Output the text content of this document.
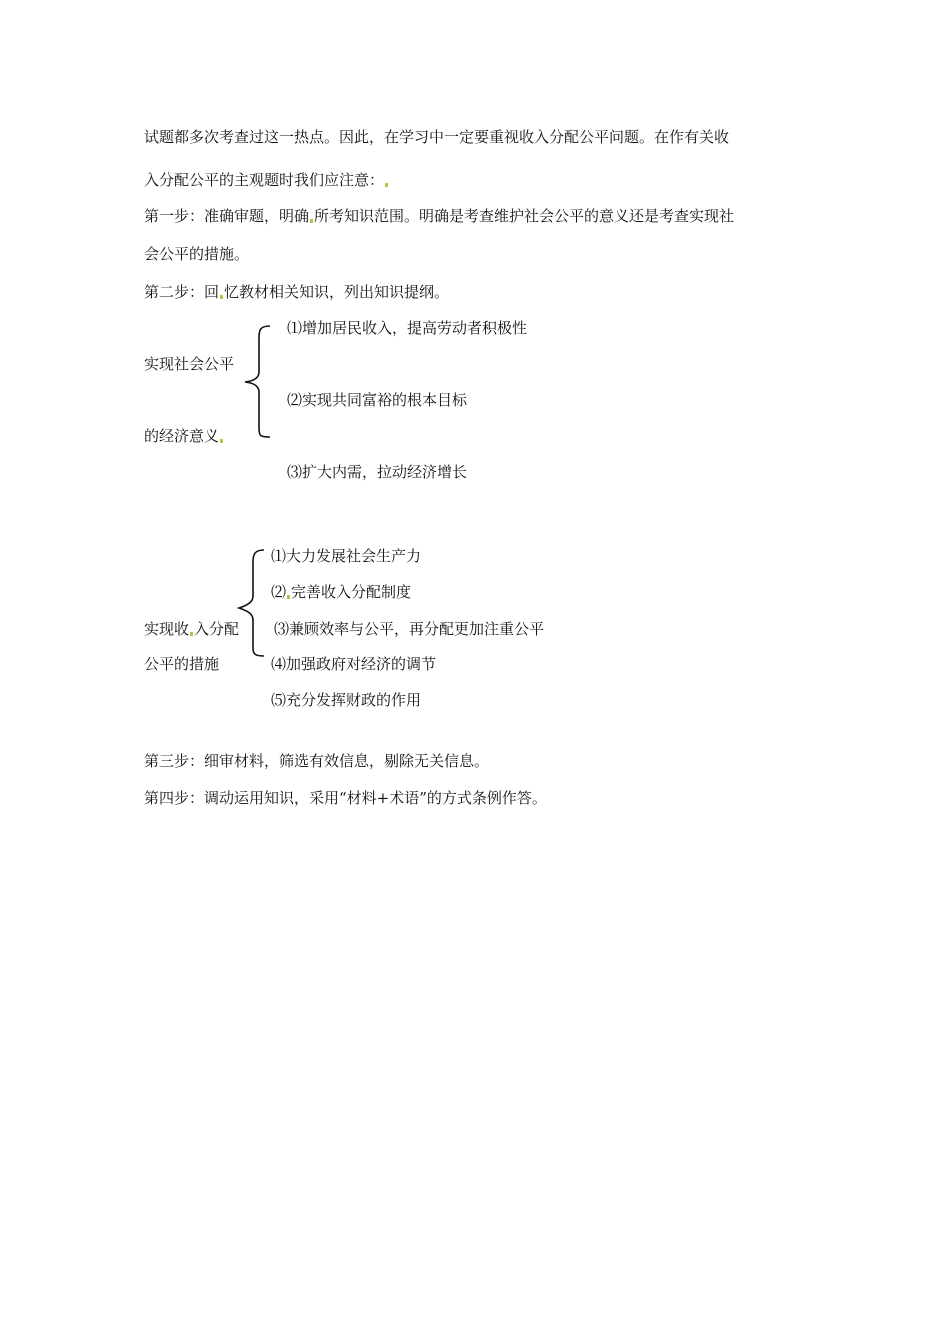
试题都多次考查过这一热点。因此，在学习中一定要重视收入分配公平问题。在作有关收
入分配公平的主观题时我们应注意：
第一步：准确审题，明确 所考知识范围。明确是考查维护社会公平的意义还是考查实现社
会公平的措施。
第二步：回 忆教材相关知识，列出知识提纲。
实现社会公平
的经济意义
⑴增加居民收入，提高劳动者积极性
⑵实现共同富裕的根本目标
⑶扩大内需，拉动经济增长
⑴大力发展社会生产力
⑵ 完善收入分配制度
实现收 入分配 ⑶兼顾效率与公平，再分配更加注重公平
公平的措施	⑷加强政府对经济的调节
⑸充分发挥财政的作用
第三步：细审材料，筛选有效信息，剔除无关信息。
第四步：调动运用知识，采用“材料+术语”的方式条例作答。
